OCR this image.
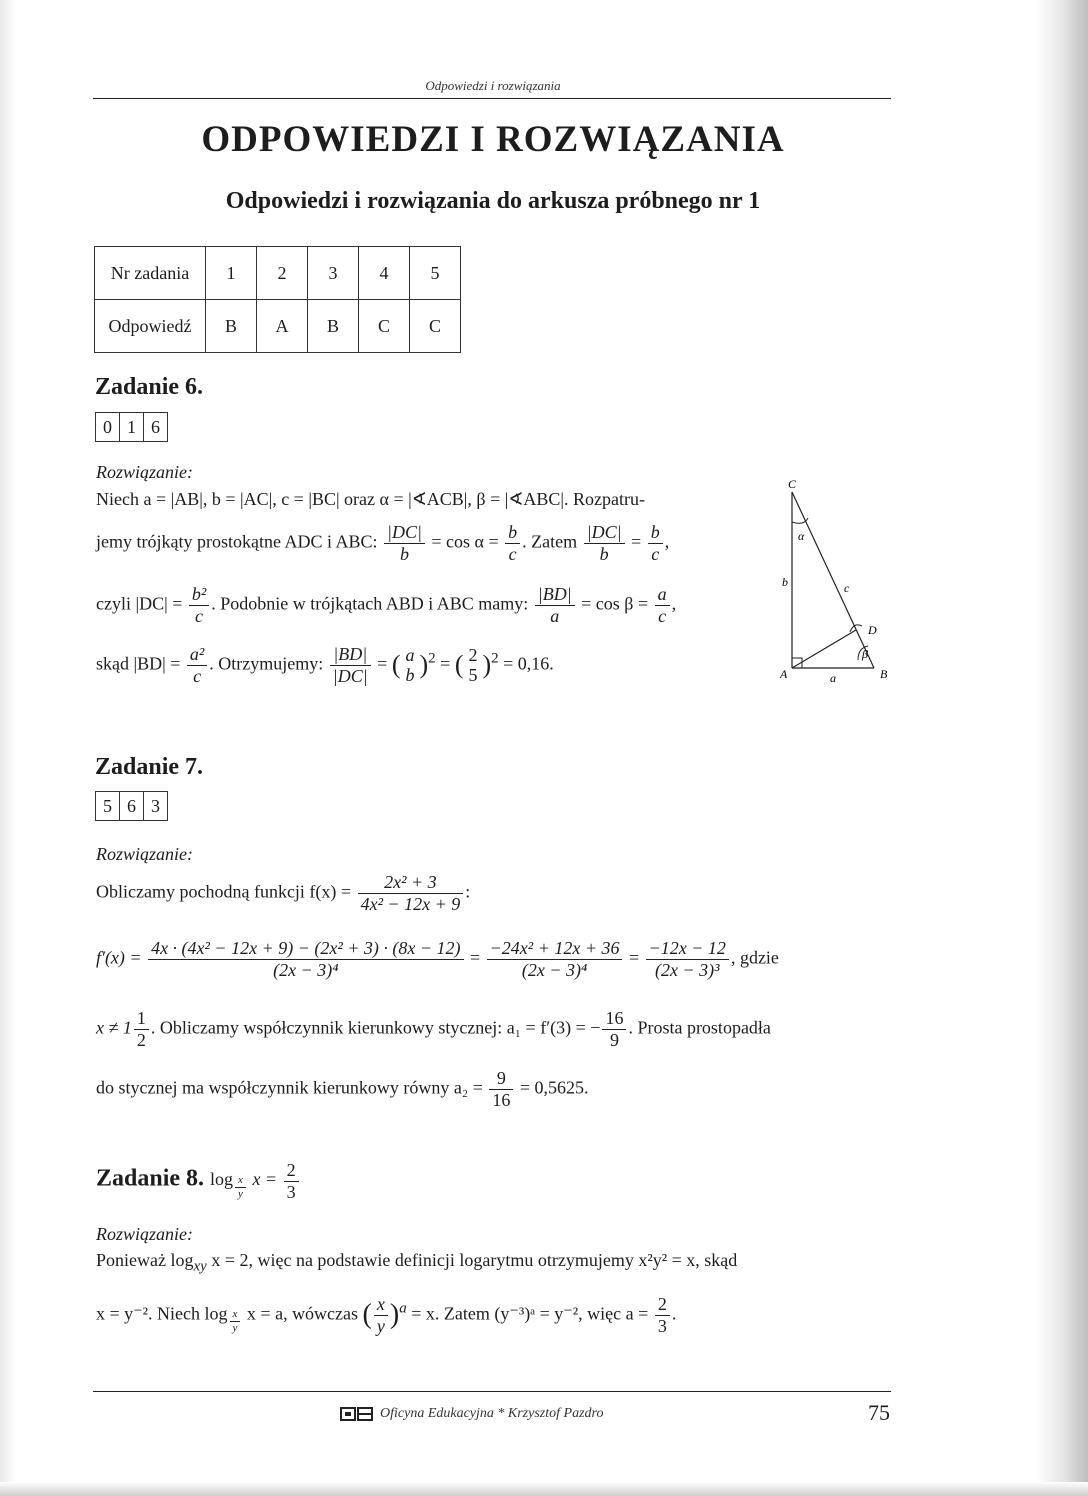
Odpowiedzi i rozwiązania
ODPOWIEDZI I ROZWIĄZANIA
Odpowiedzi i rozwiązania do arkusza próbnego nr 1
Nr zadania	1	2	3	4	5
Odpowiedź	B	A	B	C	C
Zadanie 6.
0 1 6
Rozwiązanie:
Niech a = |AB|, b = |AC|, c = |BC| oraz α = |∢ACB|, β = |∢ABC|. Rozpatru-
jemy trójkąty prostokątne ADC i ABC: $\frac{|DC|}{b} = \cos \alpha = \frac{b}{c}$ . Zatem $\frac{|DC|}{b} = \frac{b}{c}$ ,
czyli $|DC| = \frac{\text{b²}}{c}$ . Podobnie w trójkątach ABD i ABC mamy: $\frac{|BD|}{a} = \cos \beta = \frac{a}{c}$ ,
skąd $|BD| = \frac{\text{a²}}{c}$ . Otrzymujemy: $\frac{|BD|}{|DC|}$ = ( a
b )$^2$ = ( 2
5 )$^2$ = 0,16.
C
α
b	c
D
β
A	a	B
Zadanie 7.
5 6 3
Rozwiązanie:
Obliczamy pochodną funkcji $f(x) = \frac{\text{2x² + 3}}{\text{4x² − 12x + 9}}$ :
$f'(x) = \frac{\text{4x · (4x² − 12x + 9) − (2x² + 3) · (8x − 12)}}{\text{(2x − 3)⁴}} = \frac{\text{−24x² + 12x + 36}}{\text{(2x − 3)⁴}} = \frac{-12x - 12}{\text{(2x − 3)³}}$ , gdzie
$x \ne 1 \frac{1}{2}$ . Obliczamy współczynnik kierunkowy stycznej: a₁ = f′(3) = − $\frac{16}{9}$ . Prosta prostopadła
do stycznej ma współczynnik kierunkowy równy $a_2 = \frac{9}{16} = 0,5625$.
Zadanie 8. log $_{\frac{x}{y}}$ $x = \frac{2}{3}$
Rozwiązanie:
Ponieważ $\log_{xy} x = 2$, więc na podstawie definicji logarytmu otrzymujemy x²y² = x, skąd
x = y⁻². Niech log $_{\frac{x}{y}}$ x = a, wówczas ( $\frac{x}{y} )^a = x$. Zatem (y⁻³)ᵃ = y⁻², więc $a = \frac{2}{3}$ .
Oficyna Edukacyjna * Krzysztof Pazdro	75
